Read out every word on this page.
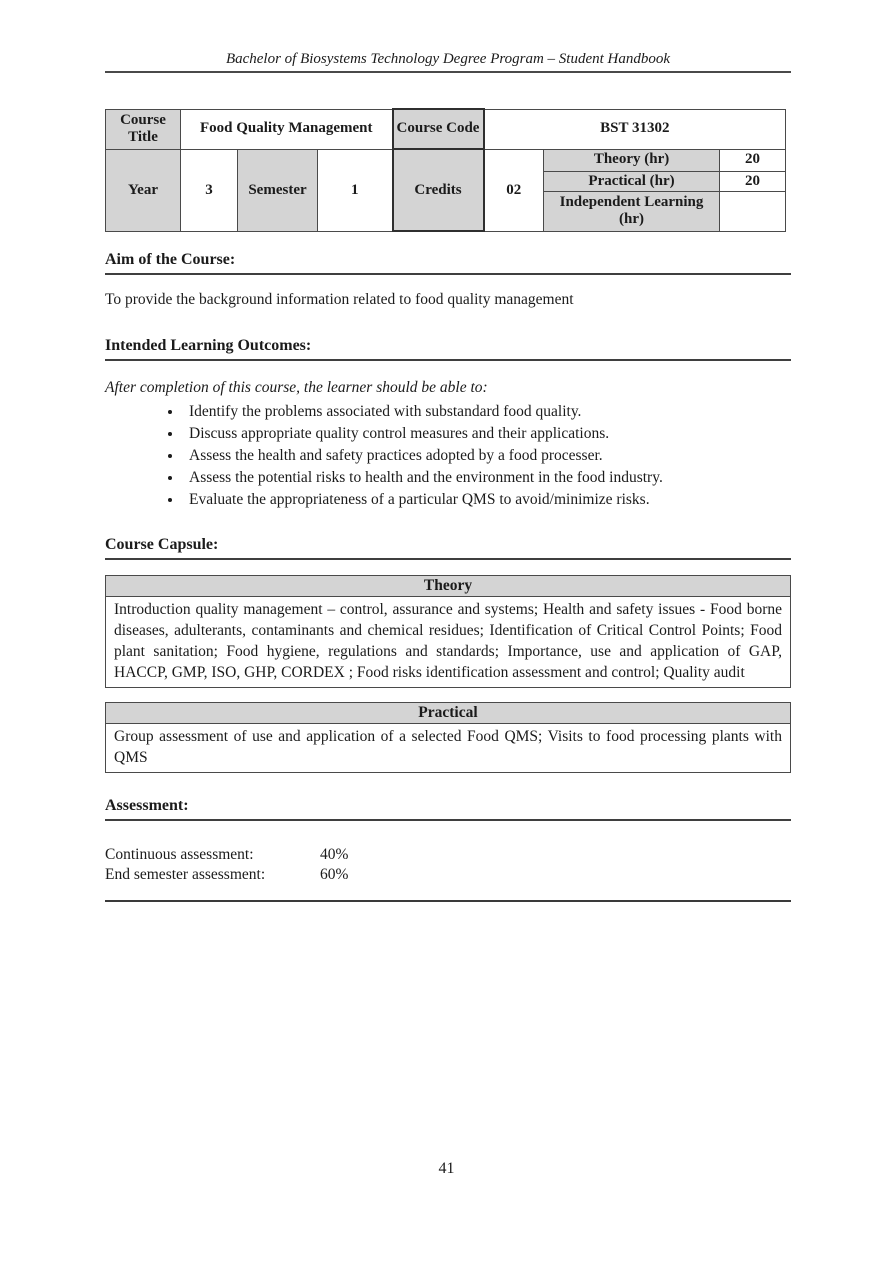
Bachelor of Biosystems Technology Degree Program – Student Handbook
Course Title	Food Quality Management			Course Code	BST 31302		
Year	3	Semester	1	Credits	02	Theory (hr)	20
						Practical (hr)	20
						Independent Learning (hr)	
Aim of the Course:
To provide the background information related to food quality management
Intended Learning Outcomes:
After completion of this course, the learner should be able to:
• Identify the problems associated with substandard food quality.
• Discuss appropriate quality control measures and their applications.
• Assess the health and safety practices adopted by a food processer.
• Assess the potential risks to health and the environment in the food industry.
• Evaluate the appropriateness of a particular QMS to avoid/minimize risks.
Course Capsule:
Theory
Introduction quality management – control, assurance and systems; Health and safety issues - Food borne diseases, adulterants, contaminants and chemical residues; Identification of Critical Control Points; Food plant sanitation; Food hygiene, regulations and standards; Importance, use and application of GAP, HACCP, GMP, ISO, GHP, CORDEX ; Food risks identification assessment and control; Quality audit
Practical
Group assessment of use and application of a selected Food QMS; Visits to food processing plants with QMS
Assessment:
Continuous assessment:	40%
End semester assessment:	60%
41
